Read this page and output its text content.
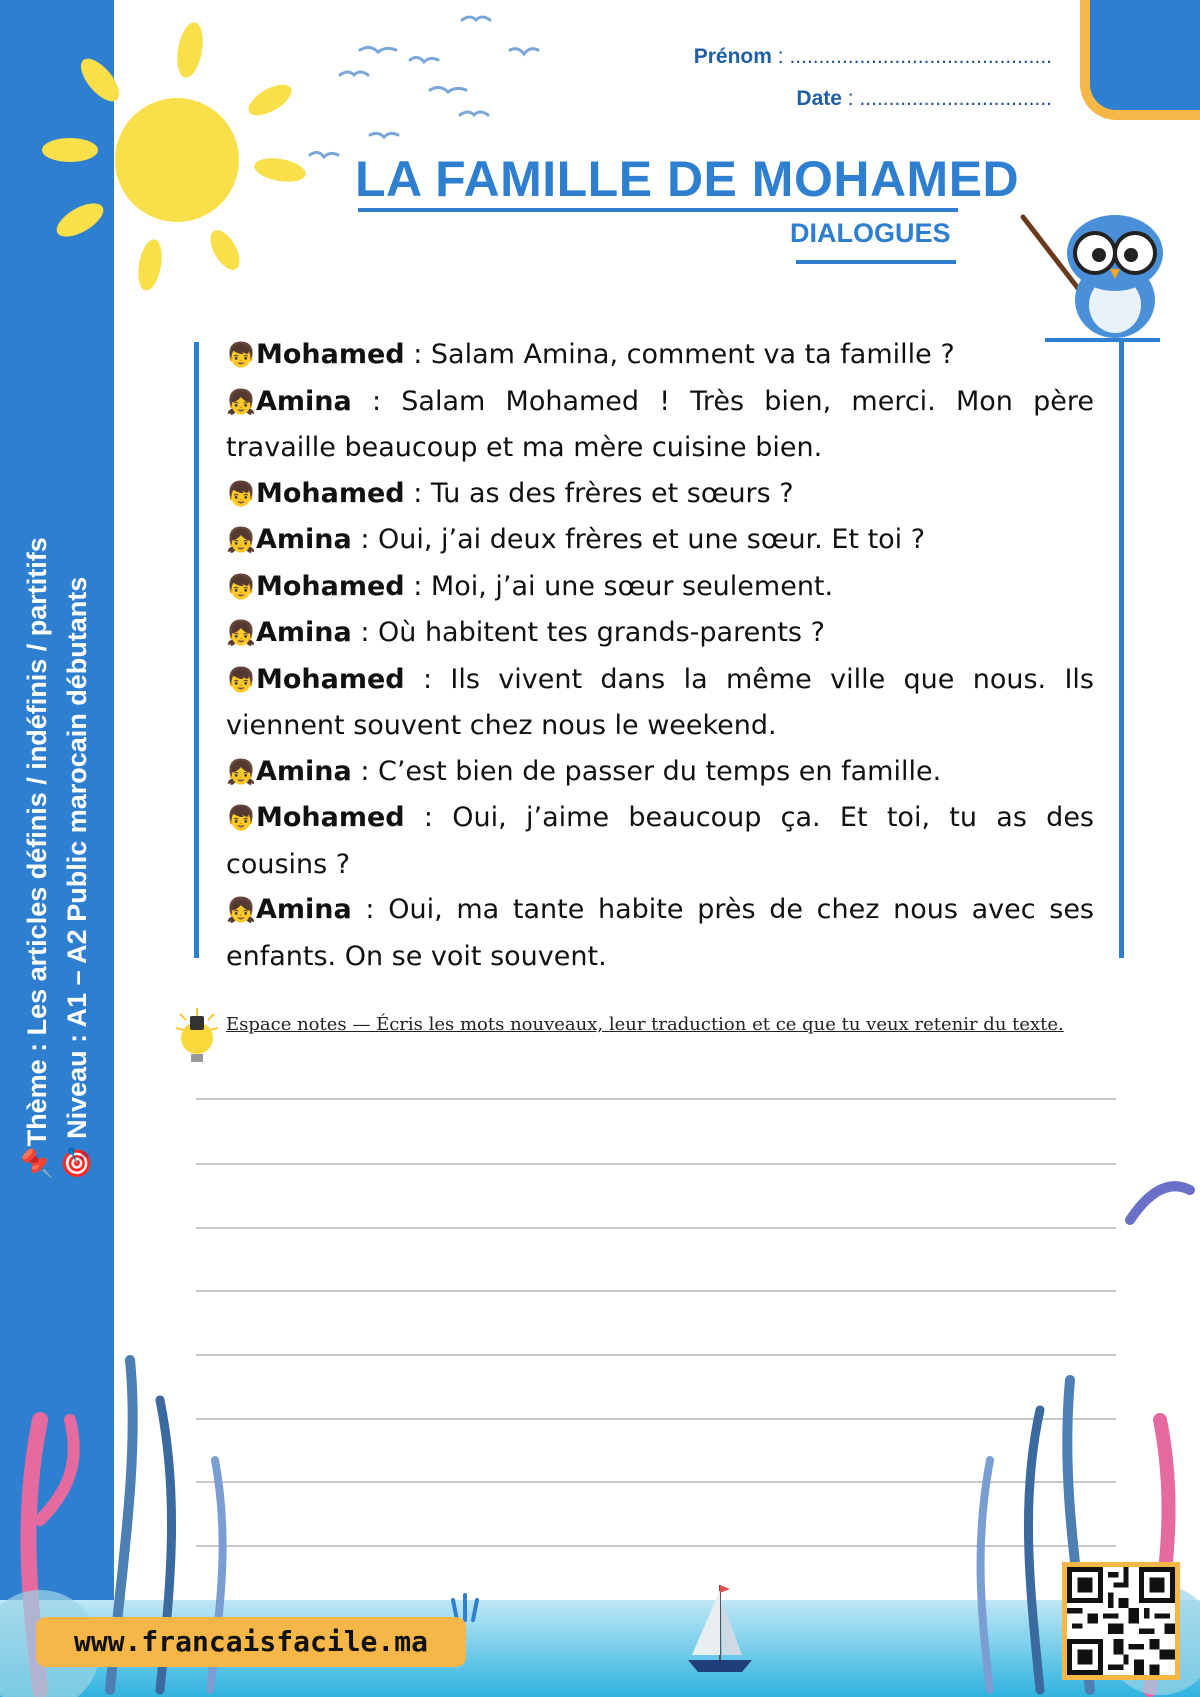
📌Thème : Les articles définis / indéfinis / partitifs 🎯 Niveau : A1 – A2 Public marocain débutants
Prénom : .............................................
Date : .................................
LA FAMILLE DE MOHAMED
DIALOGUES

👦Mohamed : Salam Amina, comment va ta famille ?

👧Amina : Salam Mohamed ! Très bien, merci. Mon père travaille beaucoup et ma mère cuisine bien.

👦Mohamed : Tu as des frères et sœurs ?

👧Amina : Oui, j’ai deux frères et une sœur. Et toi ?

👦Mohamed : Moi, j’ai une sœur seulement.

👧Amina : Où habitent tes grands-parents ?

👦Mohamed : Ils vivent dans la même ville que nous. Ils viennent souvent chez nous le weekend.

👧Amina : C’est bien de passer du temps en famille.

👦Mohamed : Oui, j’aime beaucoup ça. Et toi, tu as des cousins ?

👧Amina : Oui, ma tante habite près de chez nous avec ses enfants. On se voit souvent.

Espace notes — Écris les mots nouveaux, leur traduction et ce que tu veux retenir du texte.
www.francaisfacile.ma
